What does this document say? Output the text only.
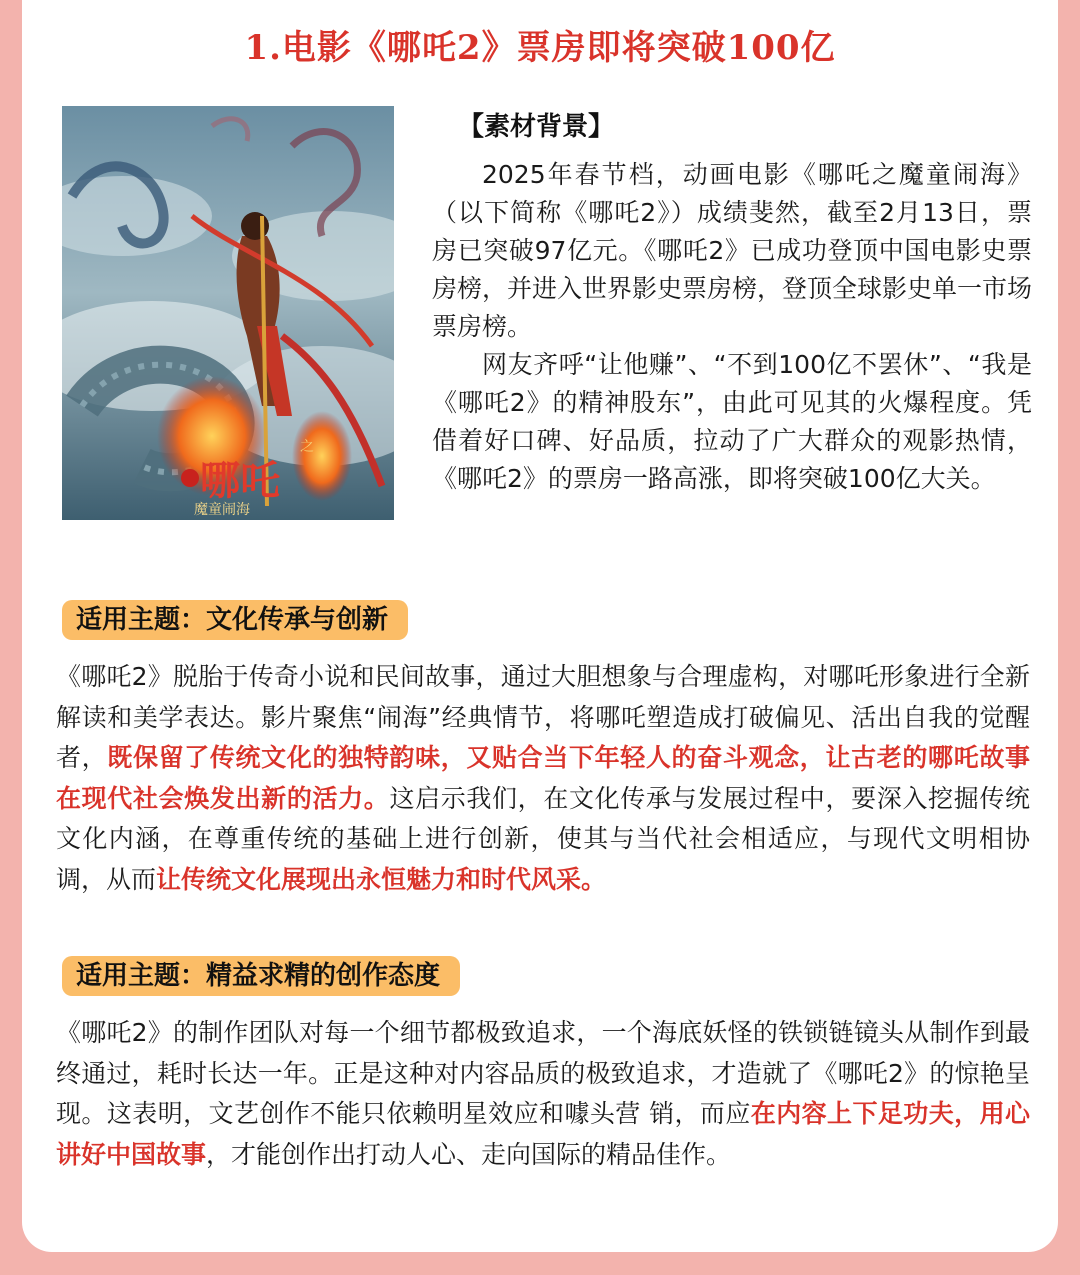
1.电影《哪吒2》票房即将突破100亿
哪吒
之
魔童闹海
【素材背景】

2025年春节档，动画电影《哪吒之魔童闹海》（以下简称《哪吒2》）成绩斐然，截至2月13日，票房已突破97亿元。《哪吒2》已成功登顶中国电影史票房榜，并进入世界影史票房榜，登顶全球影史单一市场票房榜。

网友齐呼“让他赚”、“不到100亿不罢休”、“我是《哪吒2》的精神股东”，由此可见其的火爆程度。凭借着好口碑、好品质，拉动了广大群众的观影热情，《哪吒2》的票房一路高涨，即将突破100亿大关。

适用主题：文化传承与创新

《哪吒2》脱胎于传奇小说和民间故事，通过大胆想象与合理虚构，对哪吒形象进行全新解读和美学表达。影片聚焦“闹海”经典情节，将哪吒塑造成打破偏见、活出自我的觉醒者，既保留了传统文化的独特韵味，又贴合当下年轻人的奋斗观念，让古老的哪吒故事在现代社会焕发出新的活力。这启示我们，在文化传承与发展过程中，要深入挖掘传统文化内涵，在尊重传统的基础上进行创新，使其与当代社会相适应，与现代文明相协调，从而让传统文化展现出永恒魅力和时代风采。

适用主题：精益求精的创作态度

《哪吒2》的制作团队对每一个细节都极致追求，一个海底妖怪的铁锁链镜头从制作到最终通过，耗时长达一年。正是这种对内容品质的极致追求，才造就了《哪吒2》的惊艳呈现。这表明，文艺创作不能只依赖明星效应和噱头营 销，而应在内容上下足功夫，用心讲好中国故事，才能创作出打动人心、走向国际的精品佳作。
